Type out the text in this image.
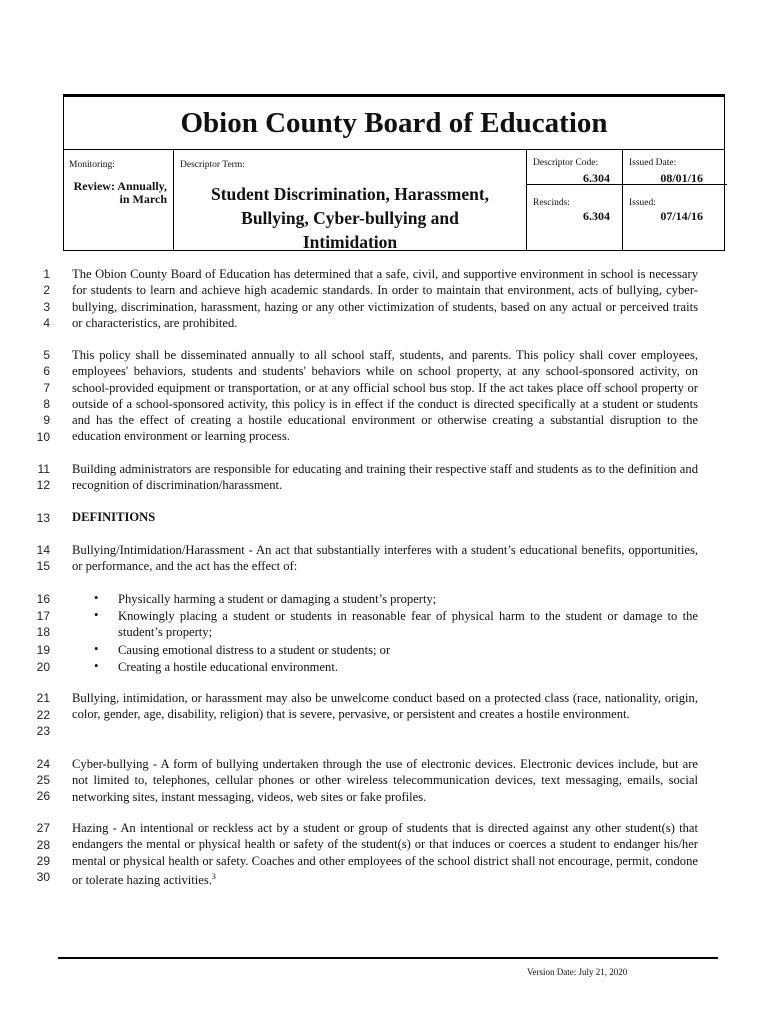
Obion County Board of Education
Monitoring:
Review: Annually,
in March
Descriptor Term:
Student Discrimination, Harassment,
Bullying, Cyber-bullying and
Intimidation
Descriptor Code:
6.304
Rescinds:
6.304
Issued Date:
08/01/16
Issued:
07/14/16
1
2
3
4
5
6
7
8
9
10
11
12
13
14
15
16
17
18
19
20
21
22
23
24
25
26
27
28
29
30
The Obion County Board of Education has determined that a safe, civil, and supportive environment in school is necessary for students to learn and achieve high academic standards. In order to maintain that environment, acts of bullying, cyber-bullying, discrimination, harassment, hazing or any other victimization of students, based on any actual or perceived traits or characteristics, are prohibited.
This policy shall be disseminated annually to all school staff, students, and parents. This policy shall cover employees, employees' behaviors, students and students' behaviors while on school property, at any school-sponsored activity, on school-provided equipment or transportation, or at any official school bus stop. If the act takes place off school property or outside of a school-sponsored activity, this policy is in effect if the conduct is directed specifically at a student or students and has the effect of creating a hostile educational environment or otherwise creating a substantial disruption to the education environment or learning process.
Building administrators are responsible for educating and training their respective staff and students as to the definition and recognition of discrimination/harassment.
DEFINITIONS
Bullying/Intimidation/Harassment - An act that substantially interferes with a student’s educational benefits, opportunities, or performance, and the act has the effect of:
• Physically harming a student or damaging a student’s property;
• Knowingly placing a student or students in reasonable fear of physical harm to the student or damage to the student’s property;
• Causing emotional distress to a student or students; or
• Creating a hostile educational environment.
Bullying, intimidation, or harassment may also be unwelcome conduct based on a protected class (race, nationality, origin, color, gender, age, disability, religion) that is severe, pervasive, or persistent and creates a hostile environment.
Cyber-bullying - A form of bullying undertaken through the use of electronic devices. Electronic devices include, but are not limited to, telephones, cellular phones or other wireless telecommunication devices, text messaging, emails, social networking sites, instant messaging, videos, web sites or fake profiles.
Hazing - An intentional or reckless act by a student or group of students that is directed against any other student(s) that endangers the mental or physical health or safety of the student(s) or that induces or coerces a student to endanger his/her mental or physical health or safety. Coaches and other employees of the school district shall not encourage, permit, condone or tolerate hazing activities.$^3$
Version Date: July 21, 2020
